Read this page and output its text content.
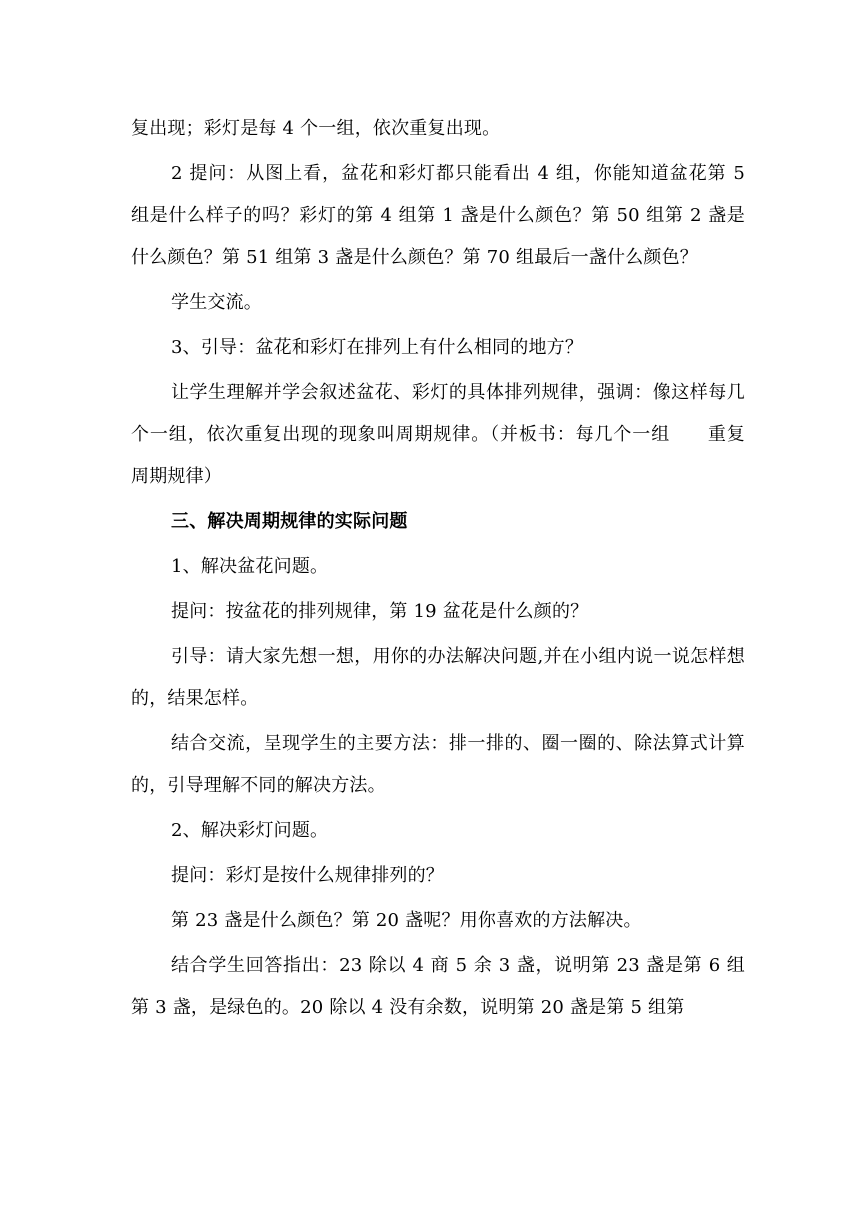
复出现；彩灯是每 4 个一组，依次重复出现。

2 提问：从图上看，盆花和彩灯都只能看出 4 组，你能知道盆花第 5 组是什么样子的吗？彩灯的第 4 组第 1 盏是什么颜色？第 50 组第 2 盏是什么颜色？第 51 组第 3 盏是什么颜色？第 70 组最后一盏什么颜色？

学生交流。

3、引导：盆花和彩灯在排列上有什么相同的地方？

让学生理解并学会叙述盆花、彩灯的具体排列规律，强调：像这样每几个一组，依次重复出现的现象叫周期规律。（并板书：每几个一组　　重复　　周期规律）

三、解决周期规律的实际问题

1、解决盆花问题。

提问：按盆花的排列规律，第 19 盆花是什么颜的？

引导：请大家先想一想，用你的办法解决问题,并在小组内说一说怎样想的，结果怎样。

结合交流，呈现学生的主要方法：排一排的、圈一圈的、除法算式计算的，引导理解不同的解决方法。

2、解决彩灯问题。

提问：彩灯是按什么规律排列的？

第 23 盏是什么颜色？第 20 盏呢？用你喜欢的方法解决。

结合学生回答指出：23 除以 4 商 5 余 3 盏，说明第 23 盏是第 6 组第 3 盏，是绿色的。20 除以 4 没有余数，说明第 20 盏是第 5 组第
